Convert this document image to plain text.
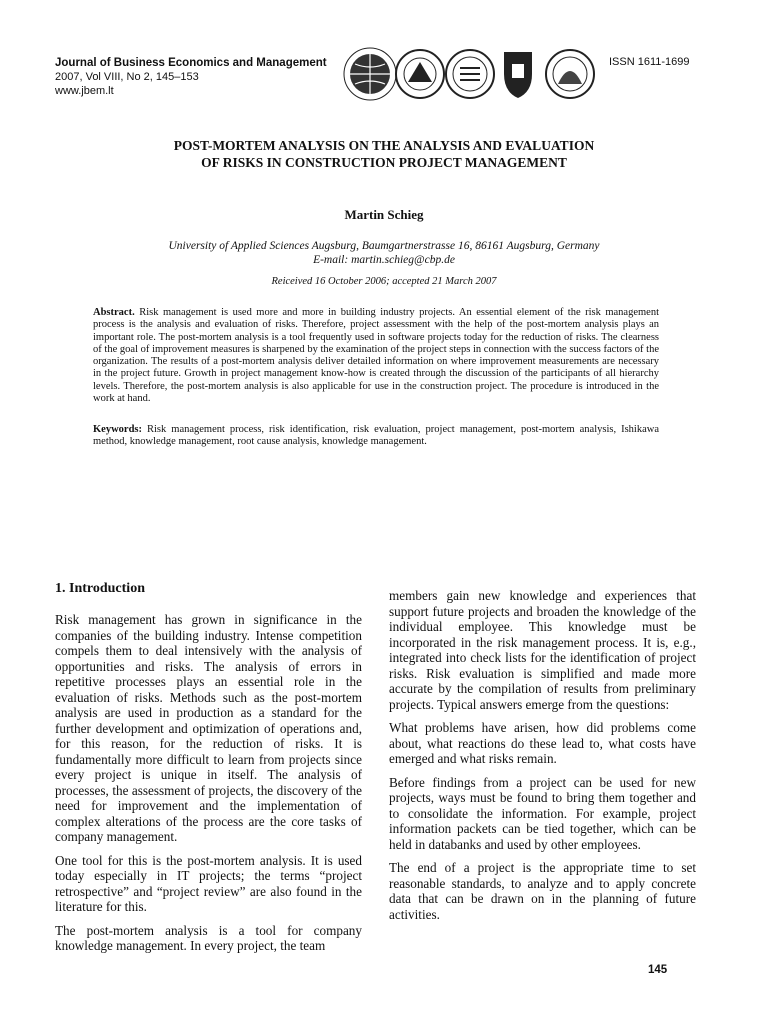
Journal of Business Economics and Management
2007, Vol VIII, No 2, 145–153
www.jbem.lt
ISSN 1611-1699
POST-MORTEM ANALYSIS ON THE ANALYSIS AND EVALUATION
OF RISKS IN CONSTRUCTION PROJECT MANAGEMENT
Martin Schieg
University of Applied Sciences Augsburg, Baumgartnerstrasse 16, 86161 Augsburg, Germany
E-mail: martin.schieg@cbp.de
Reiceived 16 October 2006; accepted 21 March 2007
Abstract. Risk management is used more and more in building industry projects. An essential element of the risk management process is the analysis and evaluation of risks. Therefore, project assessment with the help of the post-mortem analysis plays an important role. The post-mortem analysis is a tool frequently used in software projects today for the reduction of risks. The clearness of the goal of improvement measures is sharpened by the examination of the project steps in connection with the success factors of the organization. The results of a post-mortem analysis deliver detailed information on where improvement measurements are necessary in the project future. Growth in project management know-how is created through the discussion of the participants of all hierarchy levels. Therefore, the post-mortem analysis is also applicable for use in the construction project. The procedure is introduced in the work at hand.
Keywords: Risk management process, risk identification, risk evaluation, project management, post-mortem analysis, Ishikawa method, knowledge management, root cause analysis, knowledge management.
1. Introduction

Risk management has grown in significance in the companies of the building industry. Intense competition compels them to deal intensively with the analysis of opportunities and risks. The analysis of errors in repetitive processes plays an essential role in the evaluation of risks. Methods such as the post-mortem analysis are used in production as a standard for the further development and optimization of operations and, for this reason, for the reduction of risks. It is fundamentally more difficult to learn from projects since every project is unique in itself. The analysis of processes, the assessment of projects, the discovery of the need for improvement and the implementation of complex alterations of the process are the core tasks of company management.

One tool for this is the post-mortem analysis. It is used today especially in IT projects; the terms “project retrospective” and “project review” are also found in the literature for this.

The post-mortem analysis is a tool for company knowledge management. In every project, the team

members gain new knowledge and experiences that support future projects and broaden the knowledge of the individual employee. This knowledge must be incorporated in the risk management process. It is, e.g., integrated into check lists for the identification of project risks. Risk evaluation is simplified and made more accurate by the compilation of results from preliminary projects. Typical answers emerge from the questions:

What problems have arisen, how did problems come about, what reactions do these lead to, what costs have emerged and what risks remain.

Before findings from a project can be used for new projects, ways must be found to bring them together and to consolidate the information. For example, project information packets can be tied together, which can be held in databanks and used by other employees.

The end of a project is the appropriate time to set reasonable standards, to analyze and to apply concrete data that can be drawn on in the planning of future activities.

145
